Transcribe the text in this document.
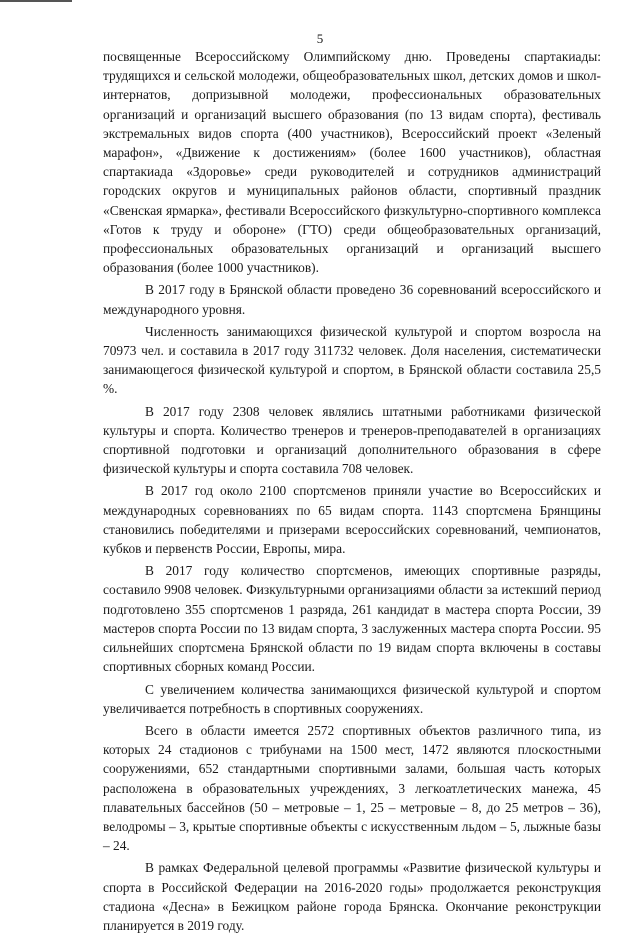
5

посвященные Всероссийскому Олимпийскому дню. Проведены спартакиады: трудящихся и сельской молодежи, общеобразовательных школ, детских домов и школ-интернатов, допризывной молодежи, профессиональных образовательных организаций и организаций высшего образования (по 13 видам спорта), фестиваль экстремальных видов спорта (400 участников), Всероссийский проект «Зеленый марафон», «Движение к достижениям» (более 1600 участников), областная спартакиада «Здоровье» среди руководителей и сотрудников администраций городских округов и муниципальных районов области, спортивный праздник «Свенская ярмарка», фестивали Всероссийского физкультурно-спортивного комплекса «Готов к труду и обороне» (ГТО) среди общеобразовательных организаций, профессиональных образовательных организаций и организаций высшего образования (более 1000 участников).

В 2017 году в Брянской области проведено 36 соревнований всероссийского и международного уровня.

Численность занимающихся физической культурой и спортом возросла на 70973 чел. и составила в 2017 году 311732 человек. Доля населения, систематически занимающегося физической культурой и спортом, в Брянской области составила 25,5 %.

В 2017 году 2308 человек являлись штатными работниками физической культуры и спорта. Количество тренеров и тренеров-преподавателей в организациях спортивной подготовки и организаций дополнительного образования в сфере физической культуры и спорта составила 708 человек.

В 2017 год около 2100 спортсменов приняли участие во Всероссийских и международных соревнованиях по 65 видам спорта. 1143 спортсмена Брянщины становились победителями и призерами всероссийских соревнований, чемпионатов, кубков и первенств России, Европы, мира.

В 2017 году количество спортсменов, имеющих спортивные разряды, составило 9908 человек. Физкультурными организациями области за истекший период подготовлено 355 спортсменов 1 разряда, 261 кандидат в мастера спорта России, 39 мастеров спорта России по 13 видам спорта, 3 заслуженных мастера спорта России. 95 сильнейших спортсмена Брянской области по 19 видам спорта включены в составы спортивных сборных команд России.

С увеличением количества занимающихся физической культурой и спортом увеличивается потребность в спортивных сооружениях.

Всего в области имеется 2572 спортивных объектов различного типа, из которых 24 стадионов с трибунами на 1500 мест, 1472 являются плоскостными сооружениями, 652 стандартными спортивными залами, большая часть которых расположена в образовательных учреждениях, 3 легкоатлетических манежа, 45 плавательных бассейнов (50 – метровые – 1, 25 – метровые – 8, до 25 метров – 36), велодромы – 3, крытые спортивные объекты с искусственным льдом – 5, лыжные базы – 24.

В рамках Федеральной целевой программы «Развитие физической культуры и спорта в Российской Федерации на 2016-2020 годы» продолжается реконструкция стадиона «Десна» в Бежицком районе города Брянска. Окончание реконструкции планируется в 2019 году.
